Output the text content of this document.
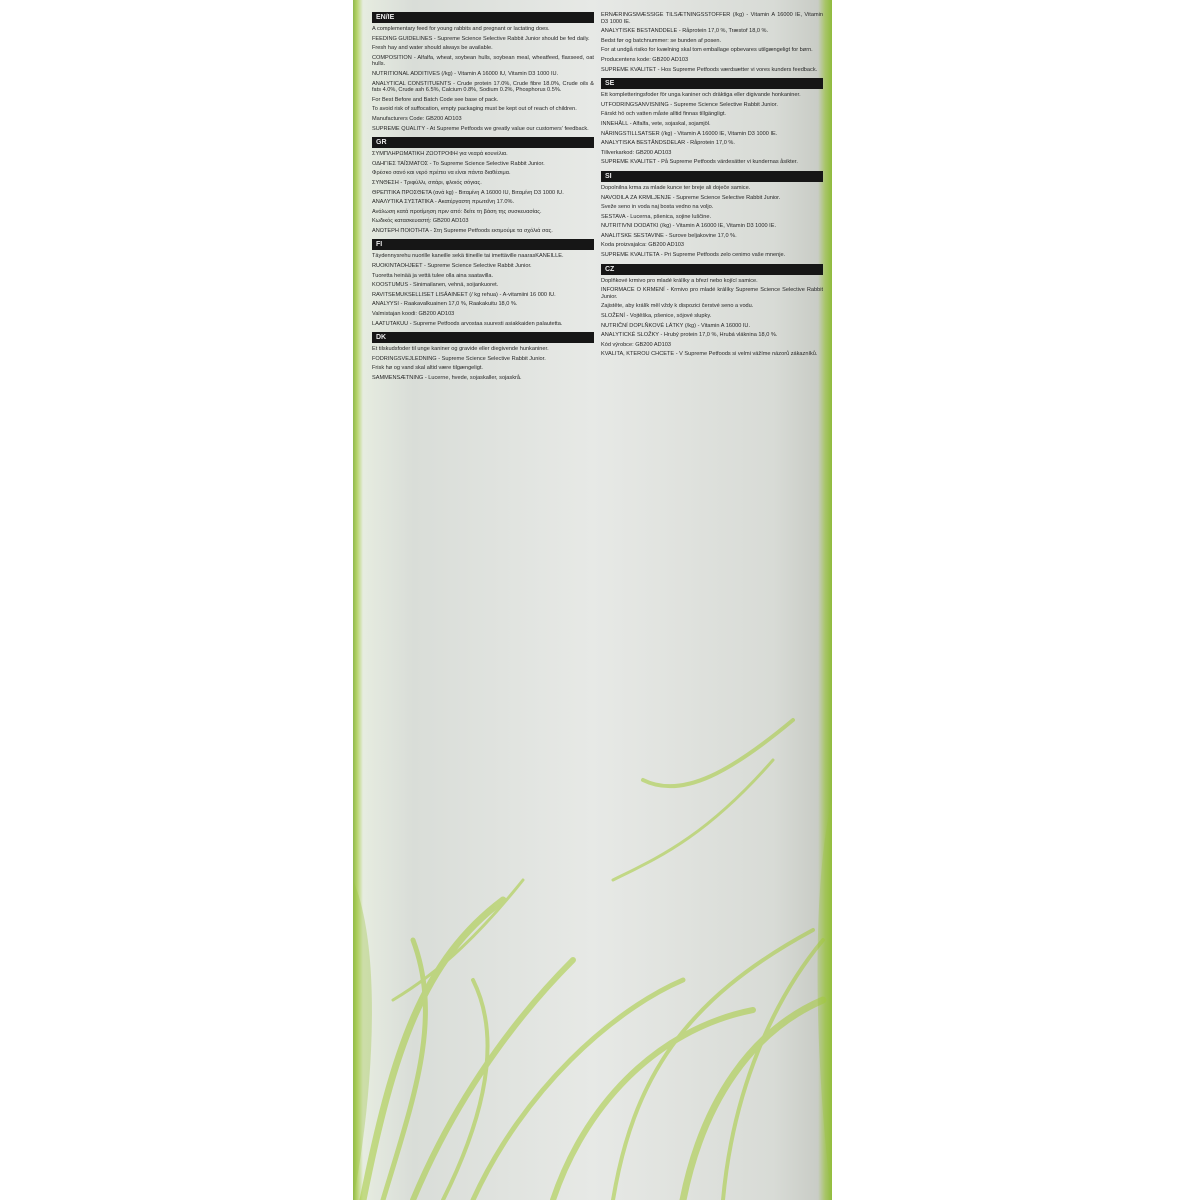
EN/IE

A complementary feed for young rabbits and pregnant or lactating does.

FEEDING GUIDELINES - Supreme Science Selective Rabbit Junior should be fed daily.

Fresh hay and water should always be available.

COMPOSITION - Alfalfa, wheat, soybean hulls, soybean meal, wheatfeed, flaxseed, oat hulls.

NUTRITIONAL ADDITIVES (/kg) - Vitamin A 16000 IU, Vitamin D3 1000 IU.

ANALYTICAL CONSTITUENTS - Crude protein 17.0%, Crude fibre 18.0%, Crude oils & fats 4.0%, Crude ash 6.5%, Calcium 0.8%, Sodium 0.2%, Phosphorus 0.5%.

For Best Before and Batch Code see base of pack.

To avoid risk of suffocation, empty packaging must be kept out of reach of children.

Manufacturers Code: GB200 AD103

SUPREME QUALITY - At Supreme Petfoods we greatly value our customers' feedback.

GR

ΣΥΜΠΛΗΡΩΜΑΤΙΚΗ ΖΩΟΤΡΟΦΗ για νεαρά κουνέλια.

ΟΔΗΓΙΕΣ ΤΑΪΣΜΑΤΟΣ - Το Supreme Science Selective Rabbit Junior.

Φρέσκο σανό και νερό πρέπει να είναι πάντα διαθέσιμα.

ΣΥΝΘΕΣΗ - Τριφύλλι, σιτάρι, φλοιός σόγιας.

ΘΡΕΠΤΙΚΑ ΠΡΟΣΘΕΤΑ (ανά kg) - Βιταμίνη A 16000 IU, Βιταμίνη D3 1000 IU.

ΑΝΑΛΥΤΙΚΑ ΣΥΣΤΑΤΙΚΑ - Ακατέργαστη πρωτεΐνη 17.0%.

Ανάλωση κατά προτίμηση πριν από: δείτε τη βάση της συσκευασίας.

Κωδικός κατασκευαστή: GB200 AD103

ΑΝΩΤΕΡΗ ΠΟΙΟΤΗΤΑ - Στη Supreme Petfoods εκτιμούμε τα σχόλιά σας.

FI

Täydennysrehu nuorille kaneille sekä tiineille tai imettäville naarasKANEILLE.

RUOKINTAOHJEET - Supreme Science Selective Rabbit Junior.

Tuoretta heinää ja vettä tulee olla aina saatavilla.

KOOSTUMUS - Sinimailanen, vehnä, soijankuoret.

RAVITSEMUKSELLISET LISÄAINEET (/ kg rehua) - A-vitamiini 16 000 IU.

ANALYYSI - Raakavalkuainen 17,0 %, Raakakuitu 18,0 %.

Valmistajan koodi: GB200 AD103

LAATUTAKUU - Supreme Petfoods arvostaa suuresti asiakkaiden palautetta.

DK

Et tilskudsfoder til unge kaniner og gravide eller diegivende hunkaniner.

FODRINGSVEJLEDNING - Supreme Science Selective Rabbit Junior.

Frisk hø og vand skal altid være tilgængeligt.

SAMMENSÆTNING - Lucerne, hvede, sojaskaller, sojaskrå.

ERNÆRINGSMÆSSIGE TILSÆTNINGSSTOFFER (/kg) - Vitamin A 16000 IE, Vitamin D3 1000 IE.

ANALYTISKE BESTANDDELE - Råprotein 17,0 %, Træstof 18,0 %.

Bedst før og batchnummer: se bunden af posen.

For at undgå risiko for kvælning skal tom emballage opbevares utilgængeligt for børn.

Producentens kode: GB200 AD103

SUPREME KVALITET - Hos Supreme Petfoods værdsætter vi vores kunders feedback.

SE

Ett kompletteringsfoder för unga kaniner och dräktiga eller digivande honkaniner.

UTFODRINGSANVISNING - Supreme Science Selective Rabbit Junior.

Färskt hö och vatten måste alltid finnas tillgängligt.

INNEHÅLL - Alfalfa, vete, sojaskal, sojamjöl.

NÄRINGSTILLSATSER (/kg) - Vitamin A 16000 IE, Vitamin D3 1000 IE.

ANALYTISKA BESTÅNDSDELAR - Råprotein 17,0 %.

Tillverkarkod: GB200 AD103

SUPREME KVALITET - På Supreme Petfoods värdesätter vi kundernas åsikter.

SI

Dopolnilna krma za mlade kunce ter breje ali doječe samice.

NAVODILA ZA KRMLJENJE - Supreme Science Selective Rabbit Junior.

Sveže seno in voda naj bosta vedno na voljo.

SESTAVA - Lucerna, pšenica, sojine luščine.

NUTRITIVNI DODATKI (/kg) - Vitamin A 16000 IE, Vitamin D3 1000 IE.

ANALITSKE SESTAVINE - Surove beljakovine 17,0 %.

Koda proizvajalca: GB200 AD103

SUPREME KVALITETA - Pri Supreme Petfoods zelo cenimo vaše mnenje.

CZ

Doplňkové krmivo pro mladé králíky a březí nebo kojící samice.

INFORMACE O KRMENÍ - Krmivo pro mladé králíky Supreme Science Selective Rabbit Junior.

Zajistěte, aby králík měl vždy k dispozici čerstvé seno a vodu.

SLOŽENÍ - Vojtěška, pšenice, sójové slupky.

NUTRIČNÍ DOPLŇKOVÉ LÁTKY (/kg) - Vitamin A 16000 IU.

ANALYTICKÉ SLOŽKY - Hrubý protein 17,0 %, Hrubá vláknina 18,0 %.

Kód výrobce: GB200 AD103

KVALITA, KTEROU CHCETE - V Supreme Petfoods si velmi vážíme názorů zákazníků.
